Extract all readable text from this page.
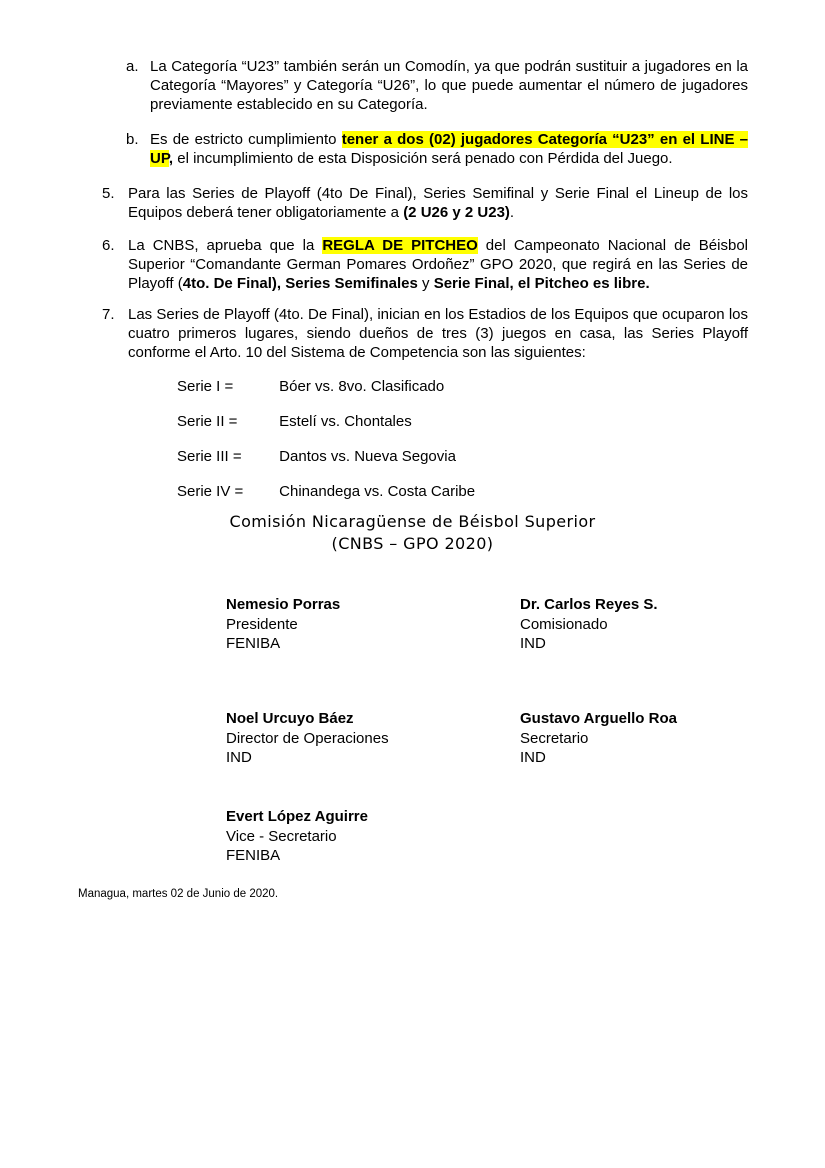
a. La Categoría “U23” también serán un Comodín, ya que podrán sustituir a jugadores en la Categoría “Mayores” y Categoría “U26”, lo que puede aumentar el número de jugadores previamente establecido en su Categoría.
b. Es de estricto cumplimiento tener a dos (02) jugadores Categoría “U23” en el LINE – UP, el incumplimiento de esta Disposición será penado con Pérdida del Juego.
5. Para las Series de Playoff (4to De Final), Series Semifinal y Serie Final el Lineup de los Equipos deberá tener obligatoriamente a (2 U26 y 2 U23).
6. La CNBS, aprueba que la REGLA DE PITCHEO del Campeonato Nacional de Béisbol Superior “Comandante German Pomares Ordoñez” GPO 2020, que regirá en las Series de Playoff (4to. De Final), Series Semifinales y Serie Final, el Pitcheo es libre.
7. Las Series de Playoff (4to. De Final), inician en los Estadios de los Equipos que ocuparon los cuatro primeros lugares, siendo dueños de tres (3) juegos en casa, las Series Playoff conforme el Arto. 10 del Sistema de Competencia son las siguientes:
Serie I =	Bóer vs. 8vo. Clasificado
Serie II =	Estelí vs. Chontales
Serie III =	Dantos vs. Nueva Segovia
Serie IV = Chinandega vs. Costa Caribe
Comisión Nicaragüense de Béisbol Superior
(CNBS – GPO 2020)
Nemesio Porras
Presidente
FENIBA
Dr. Carlos Reyes S.
Comisionado
IND
Noel Urcuyo Báez
Director de Operaciones
IND
Gustavo Arguello Roa
Secretario
IND
Evert López Aguirre
Vice - Secretario
FENIBA
Managua, martes 02 de Junio de 2020.
